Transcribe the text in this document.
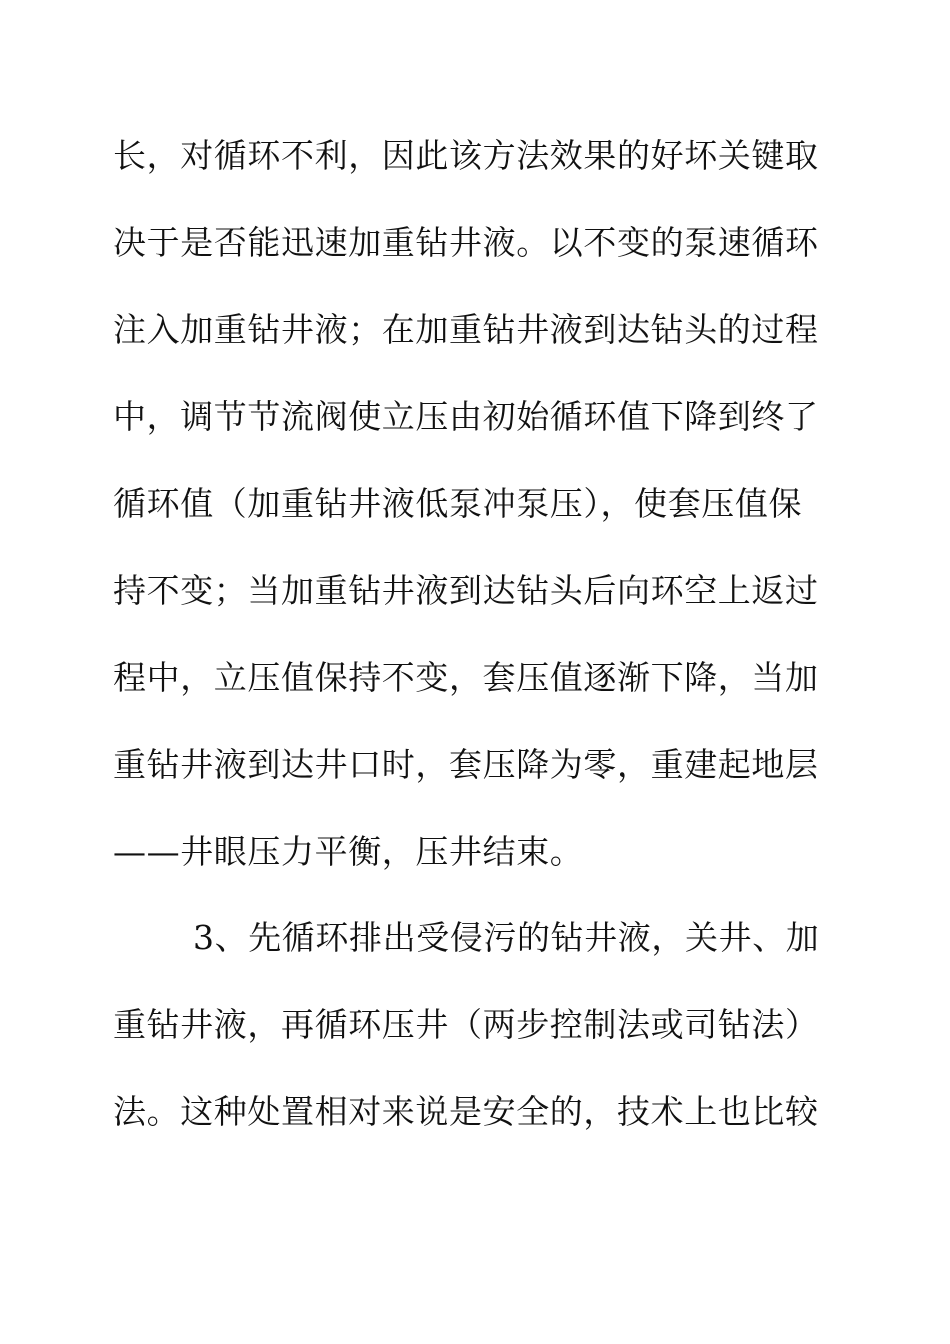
长，对循环不利，因此该方法效果的好坏关键取
决于是否能迅速加重钻井液。以不变的泵速循环
注入加重钻井液；在加重钻井液到达钻头的过程
中，调节节流阀使立压由初始循环值下降到终了
循环值（加重钻井液低泵冲泵压），使套压值保
持不变；当加重钻井液到达钻头后向环空上返过
程中，立压值保持不变，套压值逐渐下降，当加
重钻井液到达井口时，套压降为零，重建起地层
——井眼压力平衡，压井结束。
3、先循环排出受侵污的钻井液，关井、加
重钻井液，再循环压井（两步控制法或司钻法）
法。这种处置相对来说是安全的，技术上也比较
